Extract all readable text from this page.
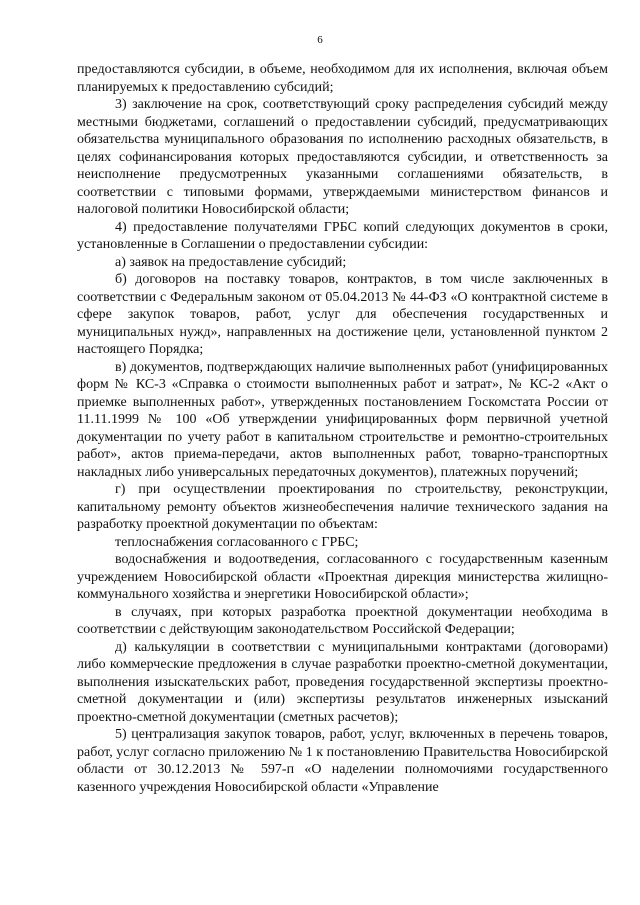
6

предоставляются субсидии, в объеме, необходимом для их исполнения, включая объем планируемых к предоставлению субсидий;

3) заключение на срок, соответствующий сроку распределения субсидий между местными бюджетами, соглашений о предоставлении субсидий, предусматривающих обязательства муниципального образования по исполнению расходных обязательств, в целях софинансирования которых предоставляются субсидии, и ответственность за неисполнение предусмотренных указанными соглашениями обязательств, в соответствии с типовыми формами, утверждаемыми министерством финансов и налоговой политики Новосибирской области;

4) предоставление получателями ГРБС копий следующих документов в сроки, установленные в Соглашении о предоставлении субсидии:

а) заявок на предоставление субсидий;

б) договоров на поставку товаров, контрактов, в том числе заключенных в соответствии с Федеральным законом от 05.04.2013 № 44-ФЗ «О контрактной системе в сфере закупок товаров, работ, услуг для обеспечения государственных и муниципальных нужд», направленных на достижение цели, установленной пунктом 2 настоящего Порядка;

в) документов, подтверждающих наличие выполненных работ (унифицированных форм № КС-3 «Справка о стоимости выполненных работ и затрат», № КС-2 «Акт о приемке выполненных работ», утвержденных постановлением Госкомстата России от 11.11.1999 № 100 «Об утверждении унифицированных форм первичной учетной документации по учету работ в капитальном строительстве и ремонтно-строительных работ», актов приема-передачи, актов выполненных работ, товарно-транспортных накладных либо универсальных передаточных документов), платежных поручений;

г) при осуществлении проектирования по строительству, реконструкции, капитальному ремонту объектов жизнеобеспечения наличие технического задания на разработку проектной документации по объектам:

теплоснабжения согласованного с ГРБС;

водоснабжения и водоотведения, согласованного с государственным казенным учреждением Новосибирской области «Проектная дирекция министерства жилищно-коммунального хозяйства и энергетики Новосибирской области»;

в случаях, при которых разработка проектной документации необходима в соответствии с действующим законодательством Российской Федерации;

д) калькуляции в соответствии с муниципальными контрактами (договорами) либо коммерческие предложения в случае разработки проектно-сметной документации, выполнения изыскательских работ, проведения государственной экспертизы проектно-сметной документации и (или) экспертизы результатов инженерных изысканий проектно-сметной документации (сметных расчетов);

5) централизация закупок товаров, работ, услуг, включенных в перечень товаров, работ, услуг согласно приложению № 1 к постановлению Правительства Новосибирской области от 30.12.2013 № 597-п «О наделении полномочиями государственного казенного учреждения Новосибирской области «Управление
